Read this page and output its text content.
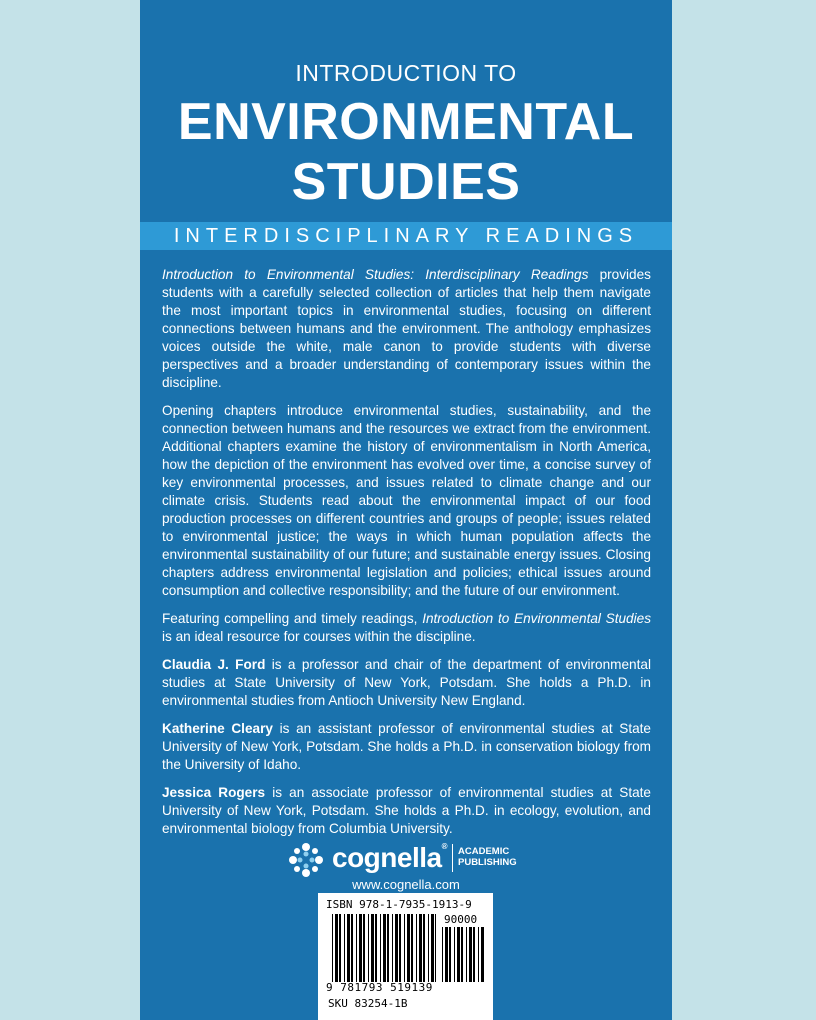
INTRODUCTION TO
ENVIRONMENTAL
STUDIES
INTERDISCIPLINARY READINGS

Introduction to Environmental Studies: Interdisciplinary Readings provides students with a carefully selected collection of articles that help them navigate the most important topics in environmental studies, focusing on different connections between humans and the environment. The anthology emphasizes voices outside the white, male canon to provide students with diverse perspectives and a broader understanding of contemporary issues within the discipline.

Opening chapters introduce environmental studies, sustainability, and the connection between humans and the resources we extract from the environment. Additional chapters examine the history of environmentalism in North America, how the depiction of the environment has evolved over time, a concise survey of key environmental processes, and issues related to climate change and our climate crisis. Students read about the environmental impact of our food production processes on different countries and groups of people; issues related to environmental justice; the ways in which human population affects the environmental sustainability of our future; and sustainable energy issues. Closing chapters address environmental legislation and policies; ethical issues around consumption and collective responsibility; and the future of our environment.

Featuring compelling and timely readings, Introduction to Environmental Studies is an ideal resource for courses within the discipline.

Claudia J. Ford is a professor and chair of the department of environmental studies at State University of New York, Potsdam. She holds a Ph.D. in environmental studies from Antioch University New England.

Katherine Cleary is an assistant professor of environmental studies at State University of New York, Potsdam. She holds a Ph.D. in conservation biology from the University of Idaho.

Jessica Rogers is an associate professor of environmental studies at State University of New York, Potsdam. She holds a Ph.D. in ecology, evolution, and environmental biology from Columbia University.

cognella® ACADEMIC
PUBLISHING
www.cognella.com
ISBN 978-1-7935-1913-9
90000
9 781793 519139
SKU 83254-1B
